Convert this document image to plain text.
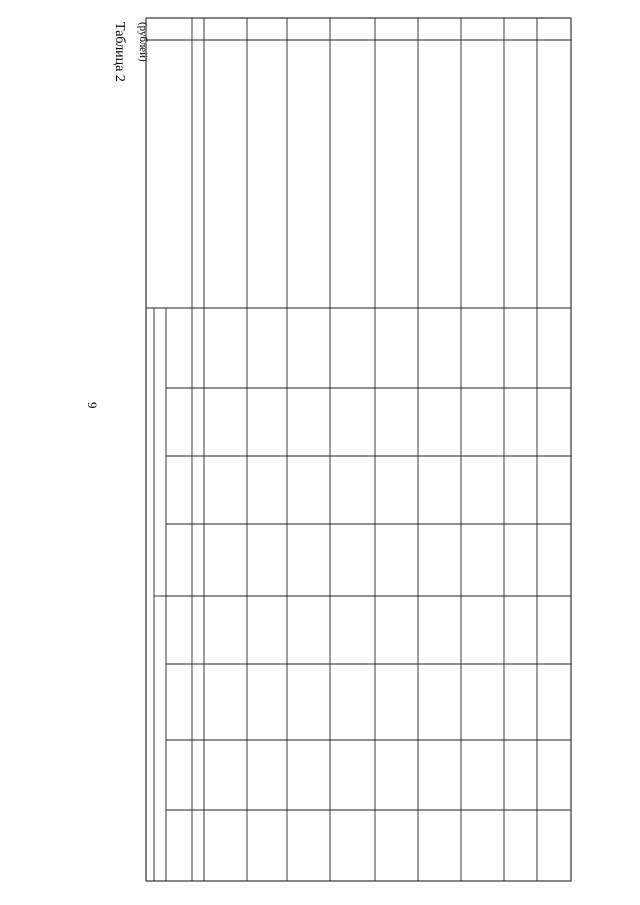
9
Таблица 2 (рублей)
